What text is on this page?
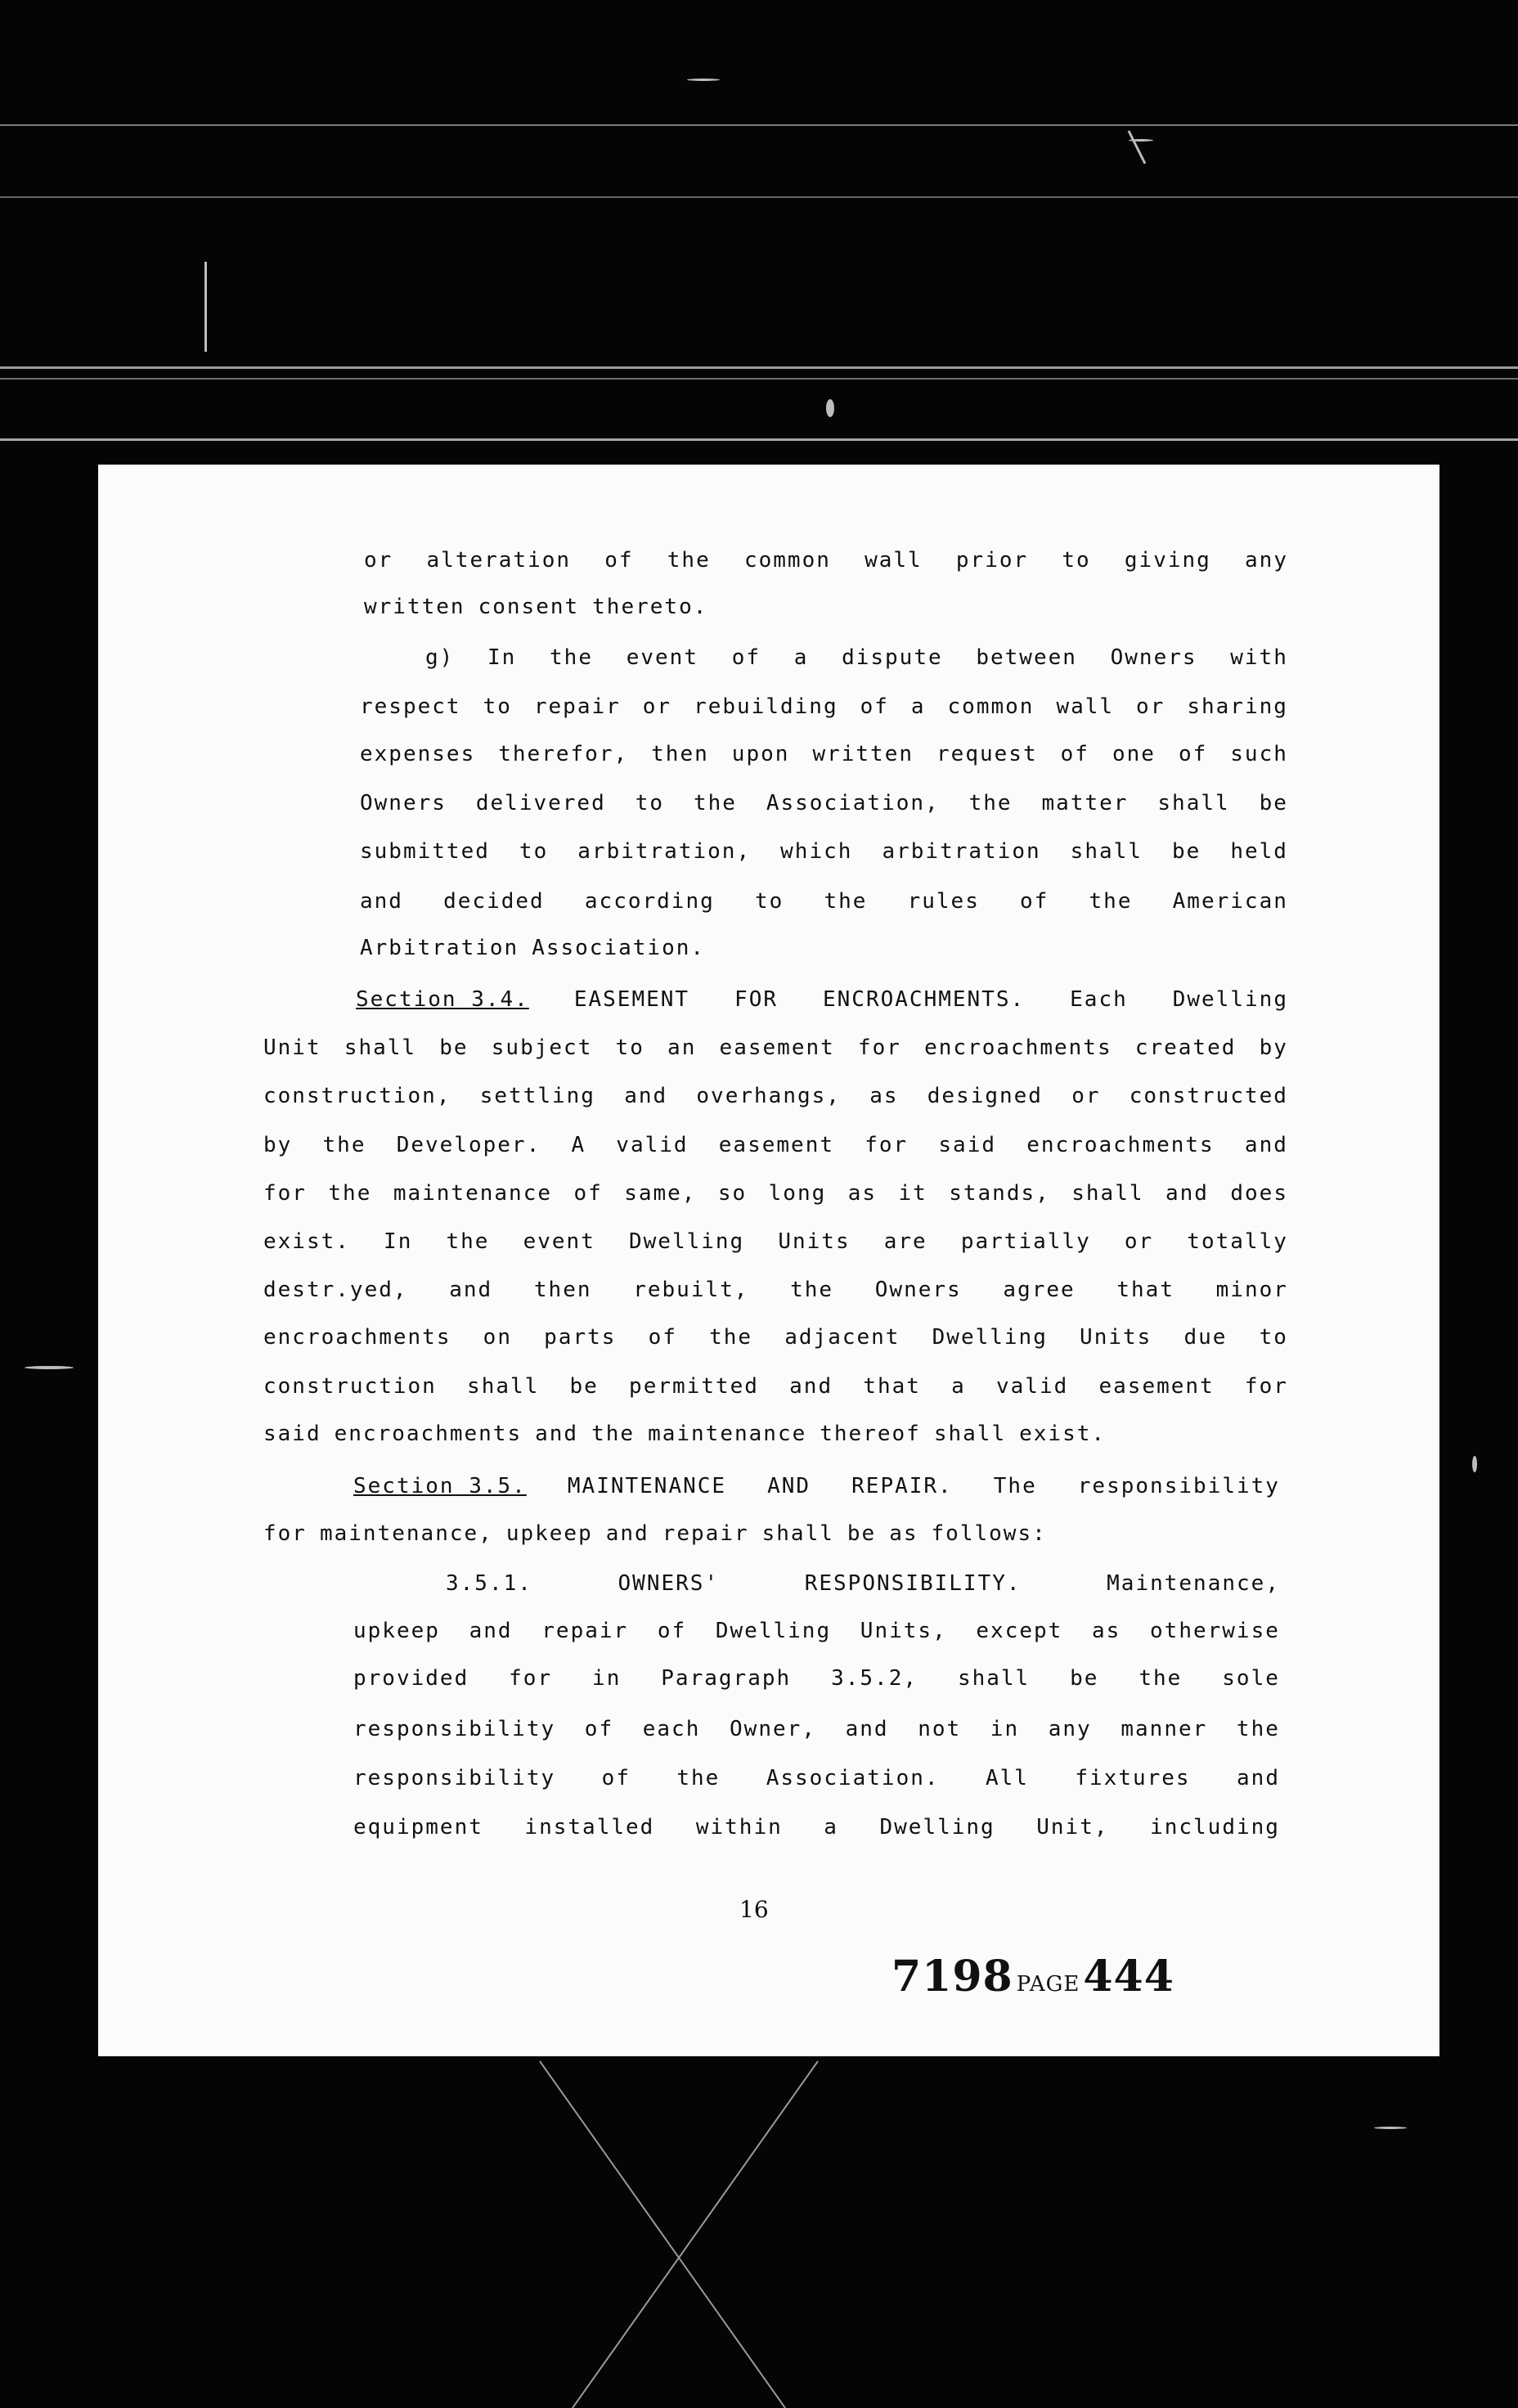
or alteration of the common wall prior to giving any
written consent thereto.
g) In the event of a dispute between Owners with
respect to repair or rebuilding of a common wall or sharing
expenses therefor, then upon written request of one of such
Owners delivered to the Association, the matter shall be
submitted to arbitration, which arbitration shall be held
and decided according to the rules of the American
Arbitration Association.
Section 3.4. EASEMENT FOR ENCROACHMENTS. Each Dwelling
Unit shall be subject to an easement for encroachments created by
construction, settling and overhangs, as designed or constructed
by the Developer. A valid easement for said encroachments and
for the maintenance of same, so long as it stands, shall and does
exist. In the event Dwelling Units are partially or totally
destr.yed, and then rebuilt, the Owners agree that minor
encroachments on parts of the adjacent Dwelling Units due to
construction shall be permitted and that a valid easement for
said encroachments and the maintenance thereof shall exist.
Section 3.5. MAINTENANCE AND REPAIR. The responsibility
for maintenance, upkeep and repair shall be as follows:
3.5.1.	OWNERS'	RESPONSIBILITY.	Maintenance,
upkeep and repair of Dwelling Units, except as otherwise
provided for in Paragraph 3.5.2, shall be the sole
responsibility of each Owner, and not in any manner the
responsibility of the Association. All fixtures and
equipment installed within a Dwelling Unit, including
16
7198 PAGE444
